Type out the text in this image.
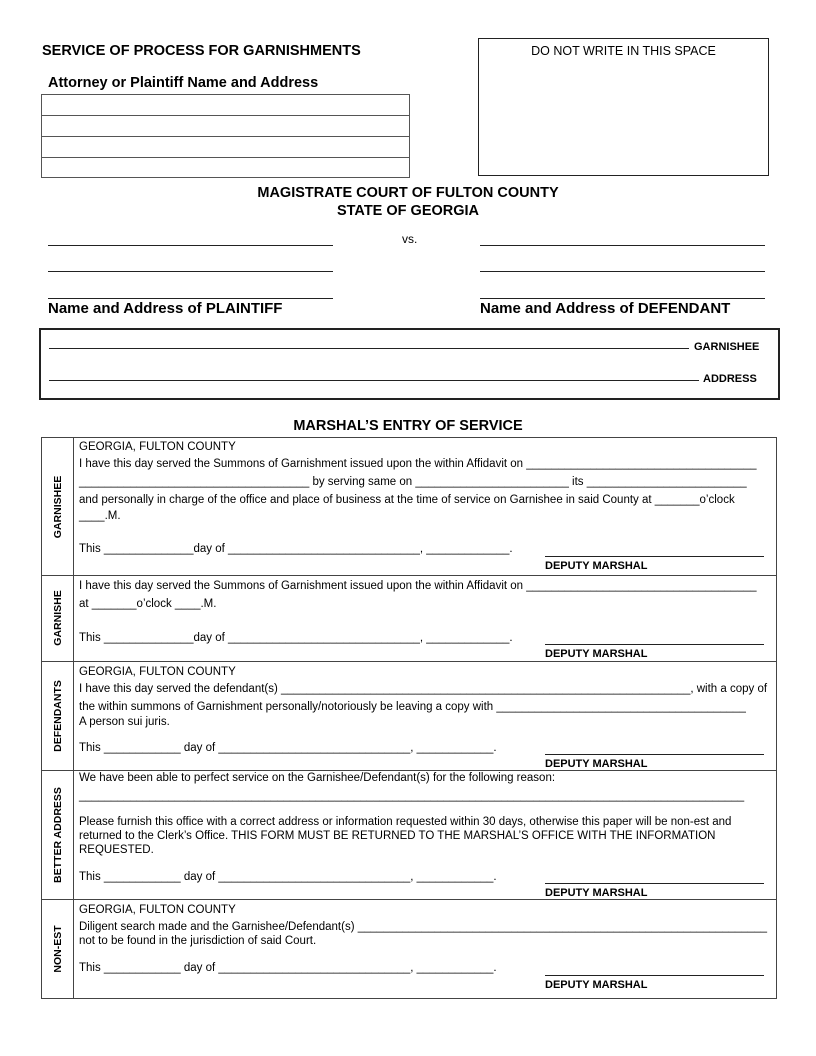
SERVICE OF PROCESS FOR GARNISHMENTS
Attorney or Plaintiff Name and Address
DO NOT WRITE IN THIS SPACE
MAGISTRATE COURT OF FULTON COUNTY
STATE OF GEORGIA
vs.
Name and Address of PLAINTIFF	Name and Address of DEFENDANT
GARNISHEE
ADDRESS
MARSHAL’S ENTRY OF SERVICE
GARNISHEE
GEORGIA, FULTON COUNTY
I have this day served the Summons of Garnishment issued upon the within Affidavit on ____________________________________
____________________________________ by serving same on ________________________ its _________________________
and personally in charge of the office and place of business at the time of service on Garnishee in said County at _______o’clock
____.M.
This ______________day of ______________________________, _____________.
DEPUTY MARSHAL
GARNISHE
I have this day served the Summons of Garnishment issued upon the within Affidavit on ____________________________________
at _______o’clock ____.M.
This ______________day of ______________________________, _____________.
DEPUTY MARSHAL
DEFENDANTS
GEORGIA, FULTON COUNTY
I have this day served the defendant(s) ________________________________________________________________, with a copy of
the within summons of Garnishment personally/notoriously be leaving a copy with _______________________________________
A person sui juris.
This ____________ day of ______________________________, ____________.
DEPUTY MARSHAL
BETTER ADDRESS
We have been able to perfect service on the Garnishee/Defendant(s) for the following reason:
________________________________________________________________________________________________________
Please furnish this office with a correct address or information requested within 30 days, otherwise this paper will be non-est and returned to the Clerk’s Office. THIS FORM MUST BE RETURNED TO THE MARSHAL’S OFFICE WITH THE INFORMATION REQUESTED.
This ____________ day of ______________________________, ____________.
DEPUTY MARSHAL
NON-EST
GEORGIA, FULTON COUNTY
Diligent search made and the Garnishee/Defendant(s) ________________________________________________________________
not to be found in the jurisdiction of said Court.
This ____________ day of ______________________________, ____________.
DEPUTY MARSHAL
